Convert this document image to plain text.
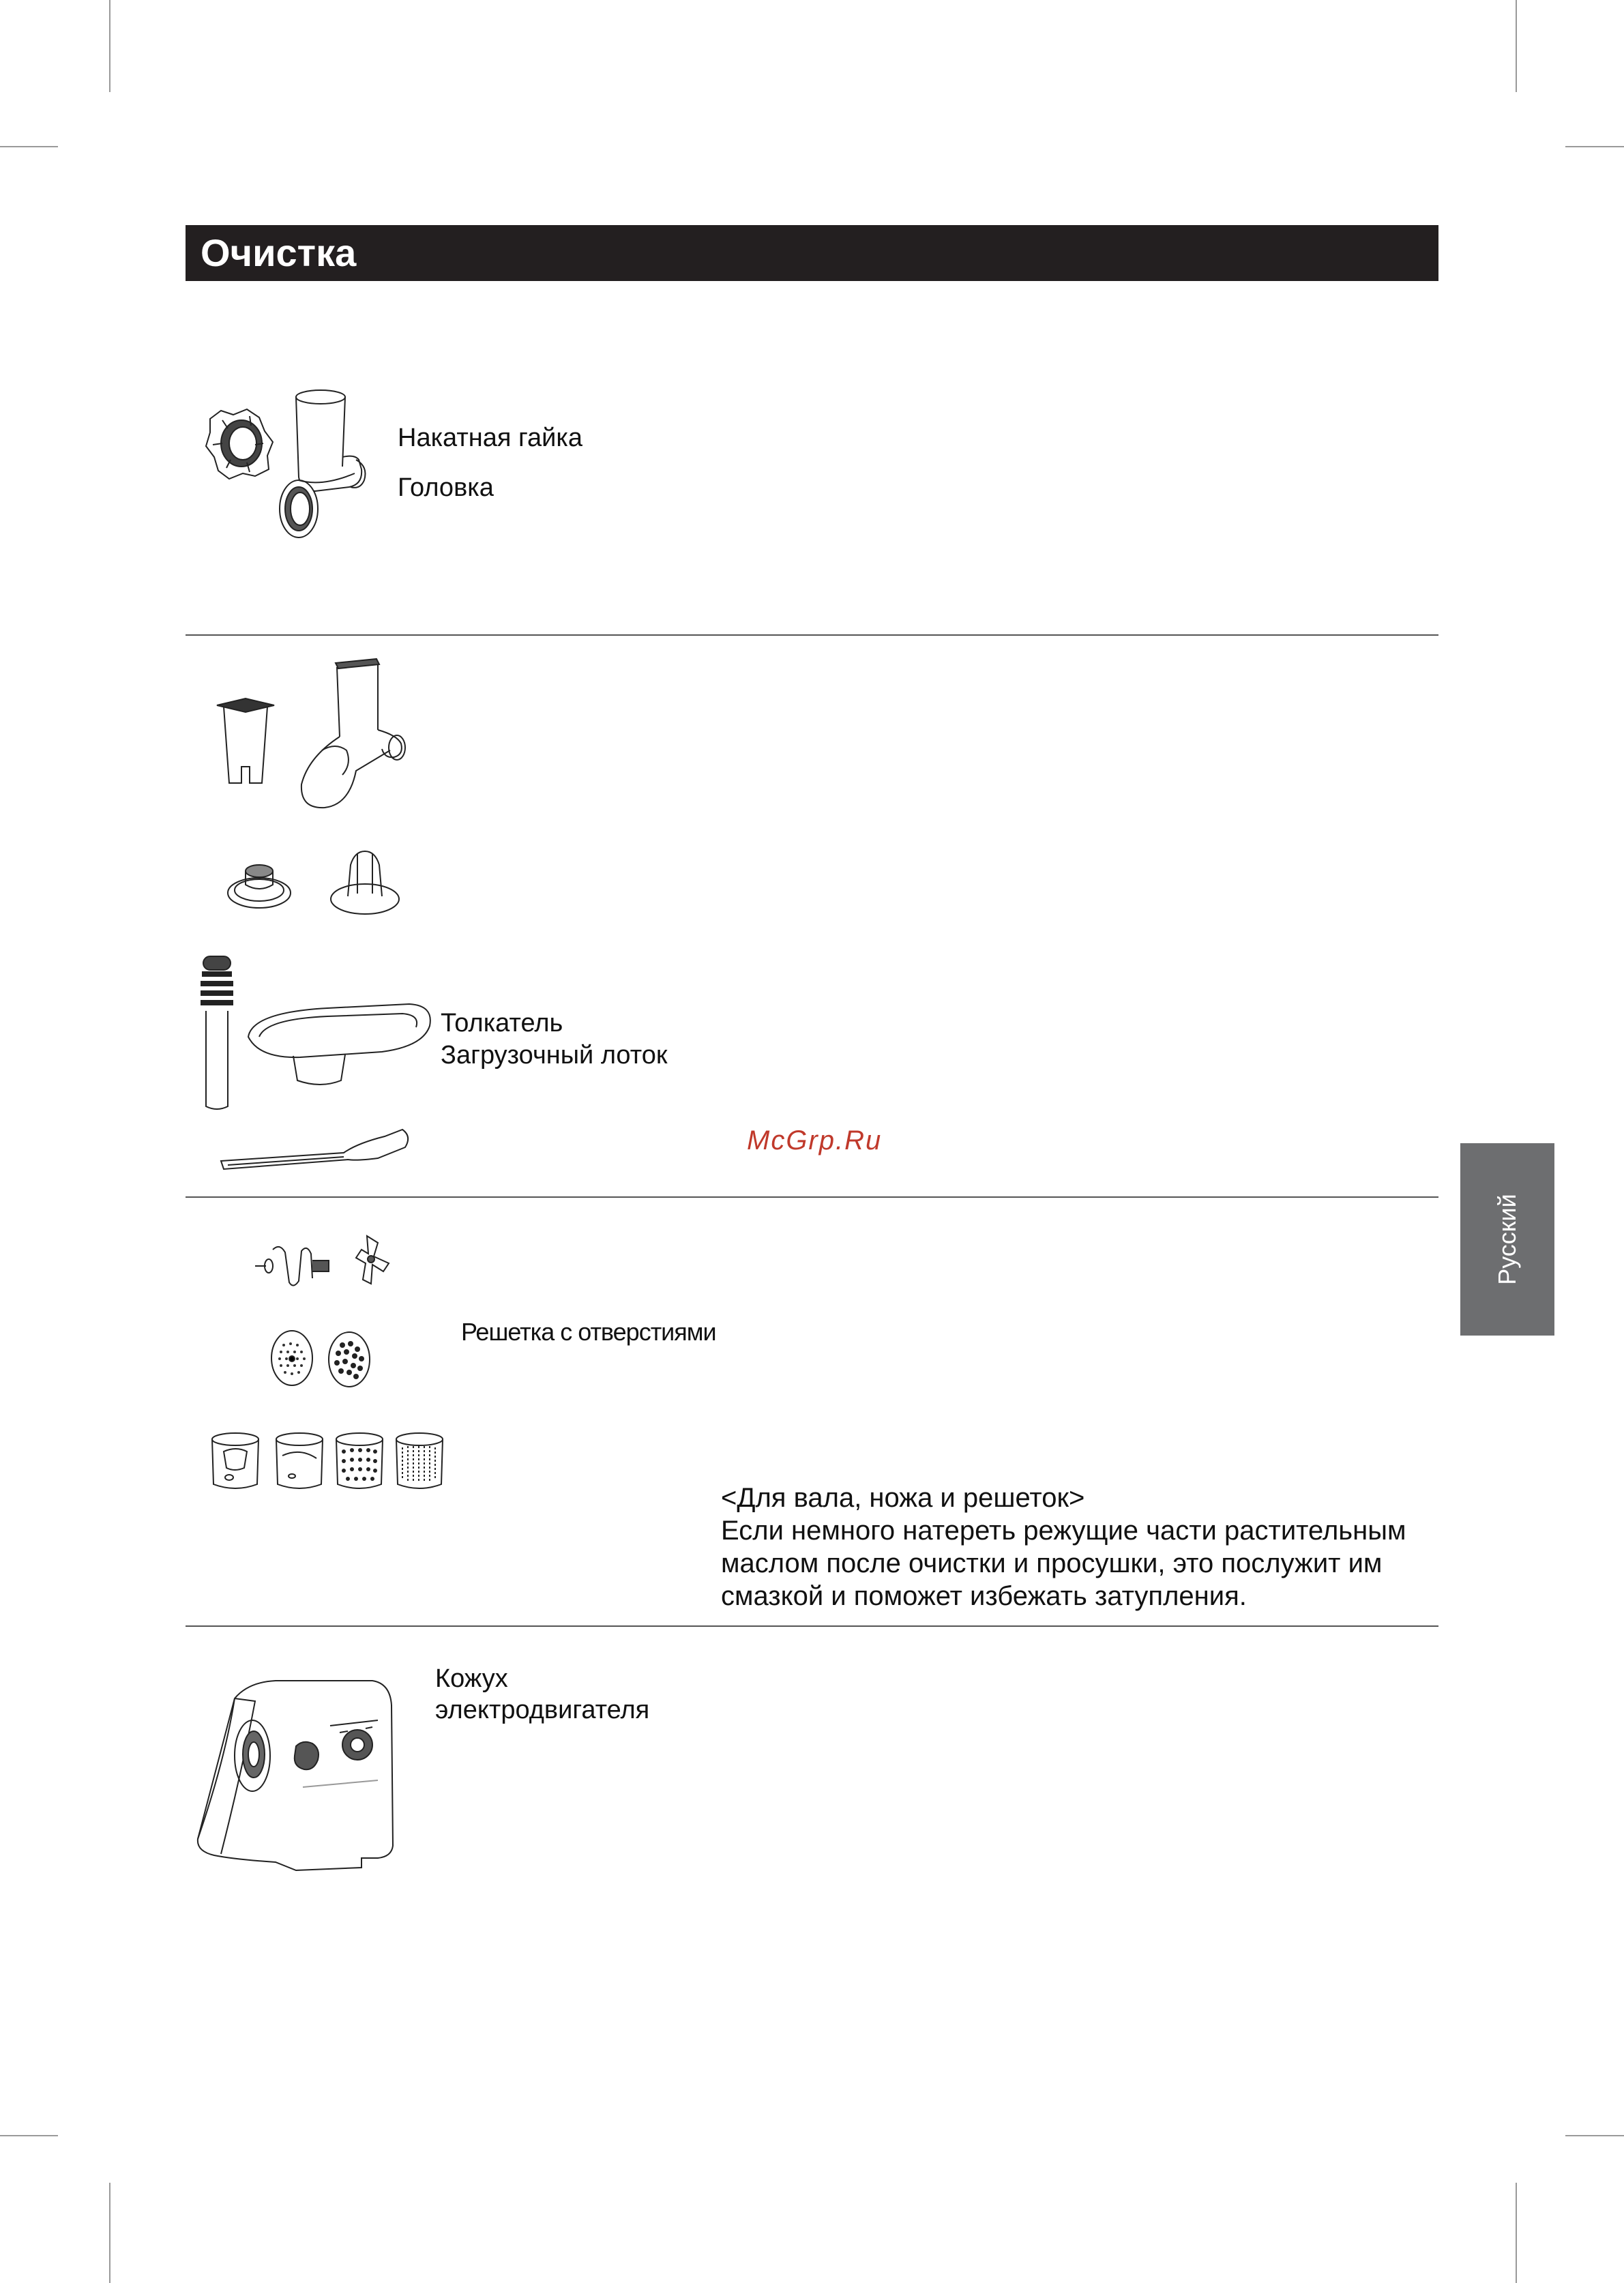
Очистка
Накатная гайка
Головка
Толкатель
Загрузочный лоток
McGrp.Ru
Русский
Решетка с отверстиями
<Для вала, ножа и решеток>
Если немного натереть режущие части растительным
маслом после очистки и просушки, это послужит им
смазкой и поможет избежать затупления.
Кожух
электродвигателя
